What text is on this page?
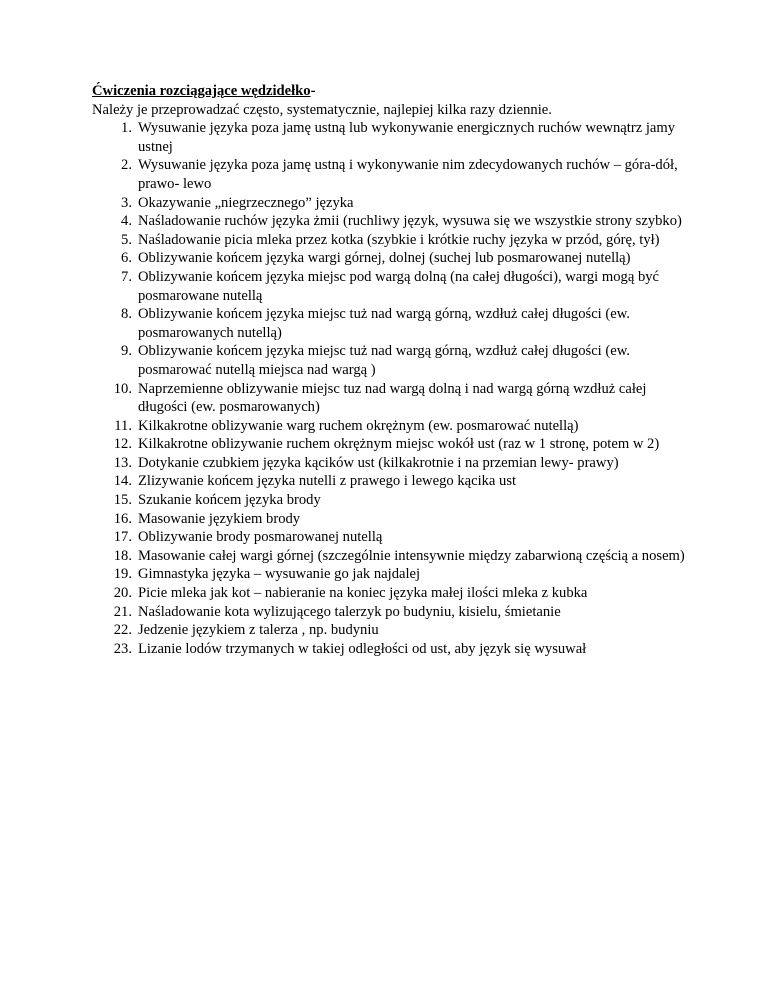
Ćwiczenia rozciągające wędzidełko-

Należy je przeprowadzać często, systematycznie, najlepiej kilka razy dziennie.

1. Wysuwanie języka poza jamę ustną lub wykonywanie energicznych ruchów wewnątrz jamy ustnej
2. Wysuwanie języka poza jamę ustną i wykonywanie nim zdecydowanych ruchów – góra-dół, prawo- lewo
3. Okazywanie „niegrzecznego” języka
4. Naśladowanie ruchów języka żmii (ruchliwy język, wysuwa się we wszystkie strony szybko)
5. Naśladowanie picia mleka przez kotka (szybkie i krótkie ruchy języka w przód, górę, tył)
6. Oblizywanie końcem języka wargi górnej, dolnej (suchej lub posmarowanej nutellą)
7. Oblizywanie końcem języka miejsc pod wargą dolną (na całej długości), wargi mogą być posmarowane nutellą
8. Oblizywanie końcem języka miejsc tuż nad wargą górną, wzdłuż całej długości (ew. posmarowanych nutellą)
9. Oblizywanie końcem języka miejsc tuż nad wargą górną, wzdłuż całej długości (ew. posmarować nutellą miejsca nad wargą )
10. Naprzemienne oblizywanie miejsc tuz nad wargą dolną i nad wargą górną wzdłuż całej długości (ew. posmarowanych)
11. Kilkakrotne oblizywanie warg ruchem okrężnym (ew. posmarować nutellą)
12. Kilkakrotne oblizywanie ruchem okrężnym miejsc wokół ust (raz w 1 stronę, potem w 2)
13. Dotykanie czubkiem języka kącików ust (kilkakrotnie i na przemian lewy- prawy)
14. Zlizywanie końcem języka nutelli z prawego i lewego kącika ust
15. Szukanie końcem języka brody
16. Masowanie językiem brody
17. Oblizywanie brody posmarowanej nutellą
18. Masowanie całej wargi górnej (szczególnie intensywnie między zabarwioną częścią a nosem)
19. Gimnastyka języka – wysuwanie go jak najdalej
20. Picie mleka jak kot – nabieranie na koniec języka małej ilości mleka z kubka
21. Naśladowanie kota wylizującego talerzyk po budyniu, kisielu, śmietanie
22. Jedzenie językiem z talerza , np. budyniu
23. Lizanie lodów trzymanych w takiej odległości od ust, aby język się wysuwał
